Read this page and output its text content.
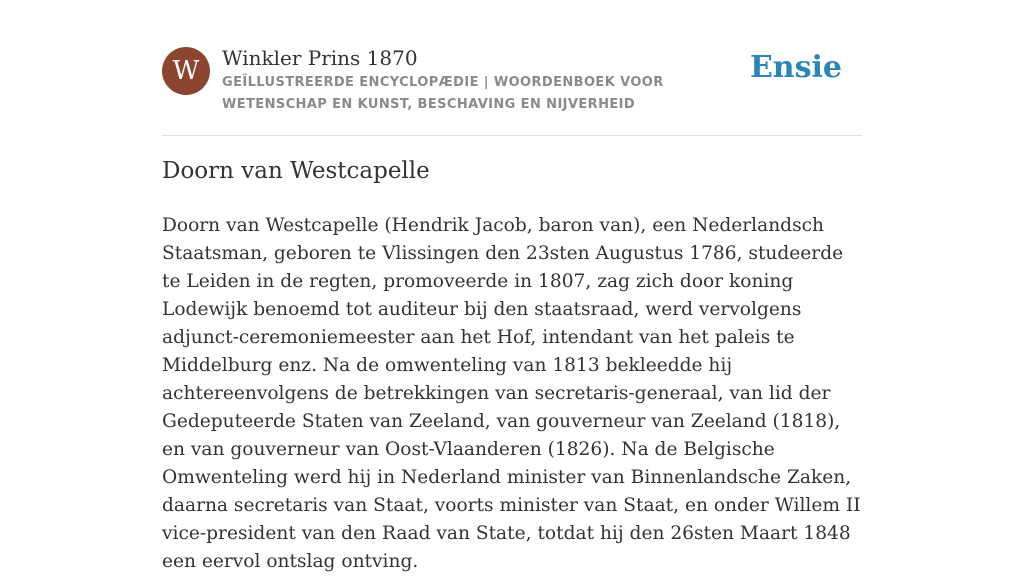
W Winkler Prins 1870
GEÏLLUSTREERDE ENCYCLOPÆDIE | WOORDENBOEK VOOR WETENSCHAP EN KUNST, BESCHAVING EN NIJVERHEID
Ensie
Doorn van Westcapelle

Doorn van Westcapelle (Hendrik Jacob, baron van), een Nederlandsch Staatsman, geboren te Vlissingen den 23sten Augustus 1786, studeerde te Leiden in de regten, promoveerde in 1807, zag zich door koning Lodewijk benoemd tot auditeur bij den staatsraad, werd vervolgens adjunct-ceremoniemeester aan het Hof, intendant van het paleis te Middelburg enz. Na de omwenteling van 1813 bekleedde hij achtereenvolgens de betrekkingen van secretaris-generaal, van lid der Gedeputeerde Staten van Zeeland, van gouverneur van Zeeland (1818), en van gouverneur van Oost-Vlaanderen (1826). Na de Belgische Omwenteling werd hij in Nederland minister van Binnenlandsche Zaken, daarna secretaris van Staat, voorts minister van Staat, en onder Willem II vice-president van den Raad van State, totdat hij den 26sten Maart 1848 een eervol ontslag ontving.
